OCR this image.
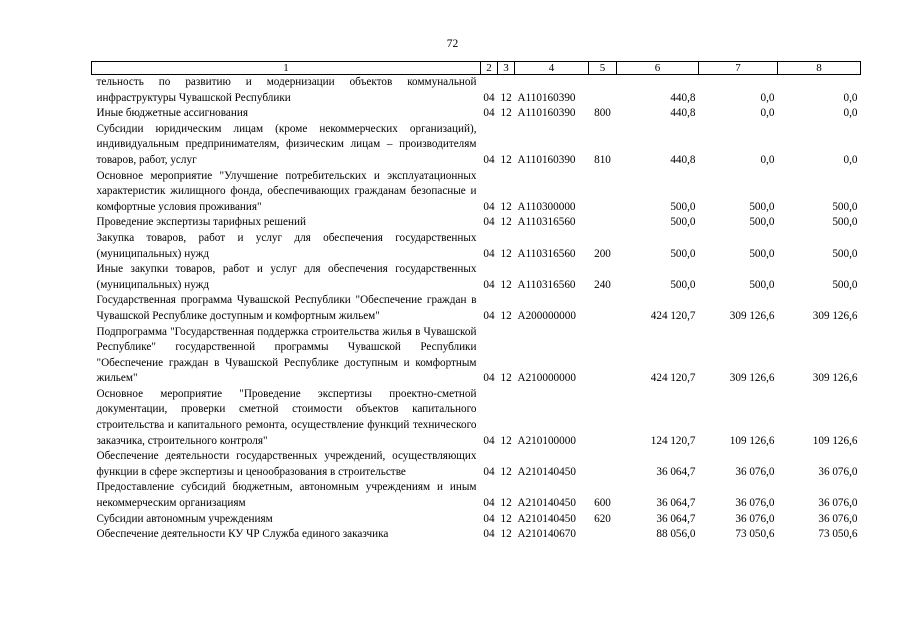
72
1	2	3	4	5	6	7	8
тельность по развитию и модернизации объектов коммунальной инфраструктуры Чувашской Республики	04	12	А110160390		440,8	0,0	0,0
Иные бюджетные ассигнования	04	12	А110160390	800	440,8	0,0	0,0
Субсидии юридическим лицам (кроме некоммерческих организаций), индивидуальным предпринимателям, физическим лицам – производителям товаров, работ, услуг	04	12	А110160390	810	440,8	0,0	0,0
Основное мероприятие "Улучшение потребительских и эксплуатационных характеристик жилищного фонда, обеспечивающих гражданам безопасные и комфортные условия проживания"	04	12	А110300000		500,0	500,0	500,0
Проведение экспертизы тарифных решений	04	12	А110316560		500,0	500,0	500,0
Закупка товаров, работ и услуг для обеспечения государственных (муниципальных) нужд	04	12	А110316560	200	500,0	500,0	500,0
Иные закупки товаров, работ и услуг для обеспечения государственных (муниципальных) нужд	04	12	А110316560	240	500,0	500,0	500,0
Государственная программа Чувашской Республики "Обеспечение граждан в Чувашской Республике доступным и комфортным жильем"	04	12	А200000000		424 120,7	309 126,6	309 126,6
Подпрограмма "Государственная поддержка строительства жилья в Чувашской Республике" государственной программы Чувашской Республики "Обеспечение граждан в Чувашской Республике доступным и комфортным жильем"	04	12	А210000000		424 120,7	309 126,6	309 126,6
Основное мероприятие "Проведение экспертизы проектно-сметной документации, проверки сметной стоимости объектов капитального строительства и капитального ремонта, осуществление функций технического заказчика, строительного контроля"	04	12	А210100000		124 120,7	109 126,6	109 126,6
Обеспечение деятельности государственных учреждений, осуществляющих функции в сфере экспертизы и ценообразования в строительстве	04	12	А210140450		36 064,7	36 076,0	36 076,0
Предоставление субсидий бюджетным, автономным учреждениям и иным некоммерческим организациям	04	12	А210140450	600	36 064,7	36 076,0	36 076,0
Субсидии автономным учреждениям	04	12	А210140450	620	36 064,7	36 076,0	36 076,0
Обеспечение деятельности КУ ЧР Служба единого заказчика	04	12	А210140670		88 056,0	73 050,6	73 050,6
